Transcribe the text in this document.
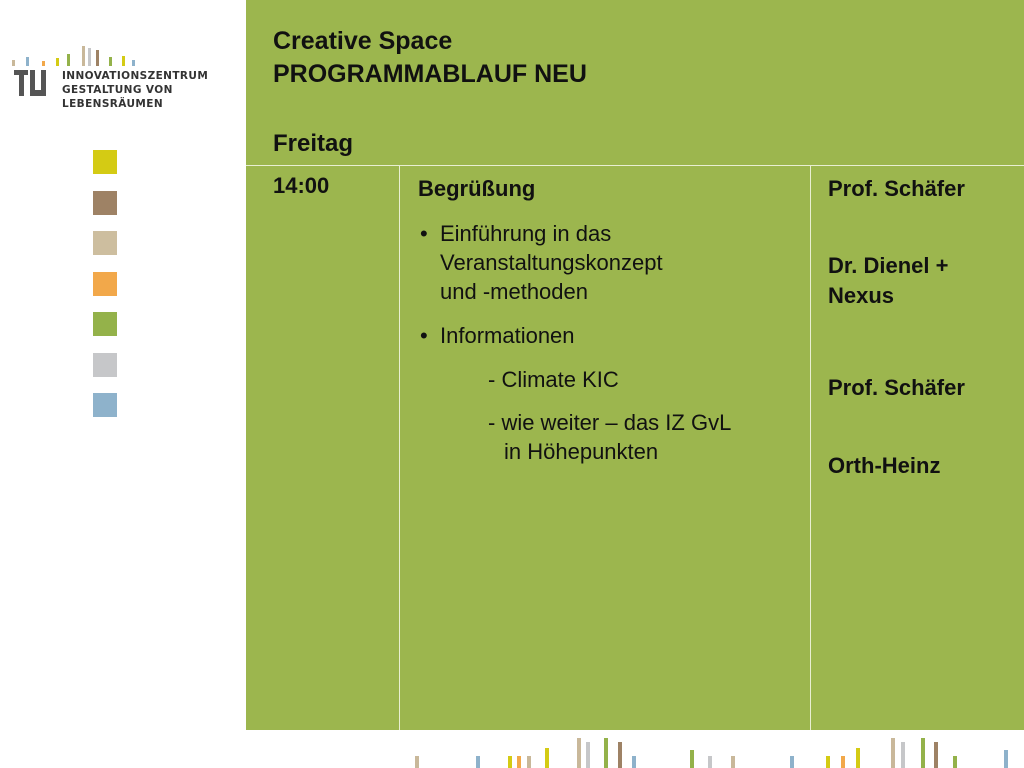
INNOVATIONSZENTRUM
GESTALTUNG VON LEBENSRÄUMEN
Creative Space
PROGRAMMABLAUF NEU
Freitag
14:00	Begrüßung
• Einführung in das
Veranstaltungskonzept
und -methoden
• Informationen
- Climate KIC
- wie weiter – das IZ GvL
in Höhepunkten
Prof. Schäfer
Dr. Dienel +
Nexus
Prof. Schäfer
Orth-Heinz
